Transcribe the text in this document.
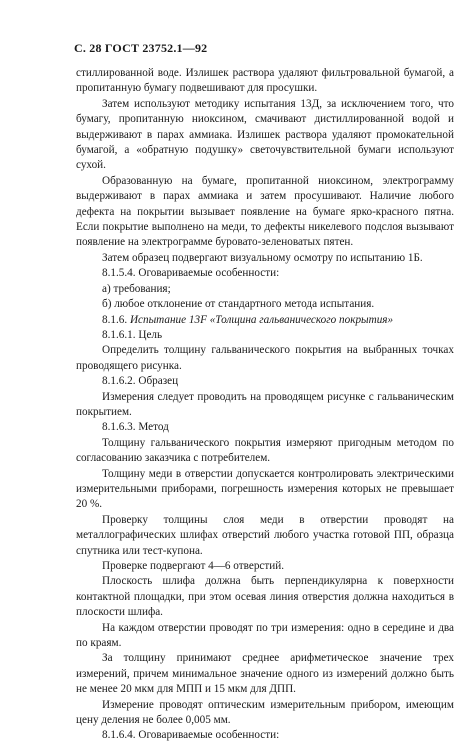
С. 28 ГОСТ 23752.1—92

стиллированной воде. Излишек раствора удаляют фильтровальной бумагой, а пропитанную бумагу подвешивают для просушки.

Затем используют методику испытания 13Д, за исключением того, что бумагу, пропитанную ниоксином, смачивают дистиллированной водой и выдерживают в парах аммиака. Излишек раствора удаляют промокательной бумагой, а «обратную подушку» светочувствительной бумаги используют сухой.

Образованную на бумаге, пропитанной ниоксином, электрограмму выдерживают в парах аммиака и затем просушивают. Наличие любого дефекта на покрытии вызывает появление на бумаге ярко-красного пятна. Если покрытие выполнено на меди, то дефекты никелевого подслоя вызывают появление на электрограмме буровато-зеленоватых пятен.

Затем образец подвергают визуальному осмотру по испытанию 1Б.

8.1.5.4. Оговариваемые особенности:

а) требования;

б) любое отклонение от стандартного метода испытания.

8.1.6. Испытание 13F «Толщина гальванического покрытия»

8.1.6.1. Цель

Определить толщину гальванического покрытия на выбранных точках проводящего рисунка.

8.1.6.2. Образец

Измерения следует проводить на проводящем рисунке с гальваническим покрытием.

8.1.6.3. Метод

Толщину гальванического покрытия измеряют пригодным методом по согласованию заказчика с потребителем.

Толщину меди в отверстии допускается контролировать электрическими измерительными приборами, погрешность измерения которых не превышает 20 %.

Проверку толщины слоя меди в отверстии проводят на металлографических шлифах отверстий любого участка готовой ПП, образца спутника или тест-купона.

Проверке подвергают 4—6 отверстий.

Плоскость шлифа должна быть перпендикулярна к поверхности контактной площадки, при этом осевая линия отверстия должна находиться в плоскости шлифа.

На каждом отверстии проводят по три измерения: одно в середине и два по краям.

За толщину принимают среднее арифметическое значение трех измерений, причем минимальное значение одного из измерений должно быть не менее 20 мкм для МПП и 15 мкм для ДПП.

Измерение проводят оптическим измерительным прибором, имеющим цену деления не более 0,005 мм.

8.1.6.4. Оговариваемые особенности:
